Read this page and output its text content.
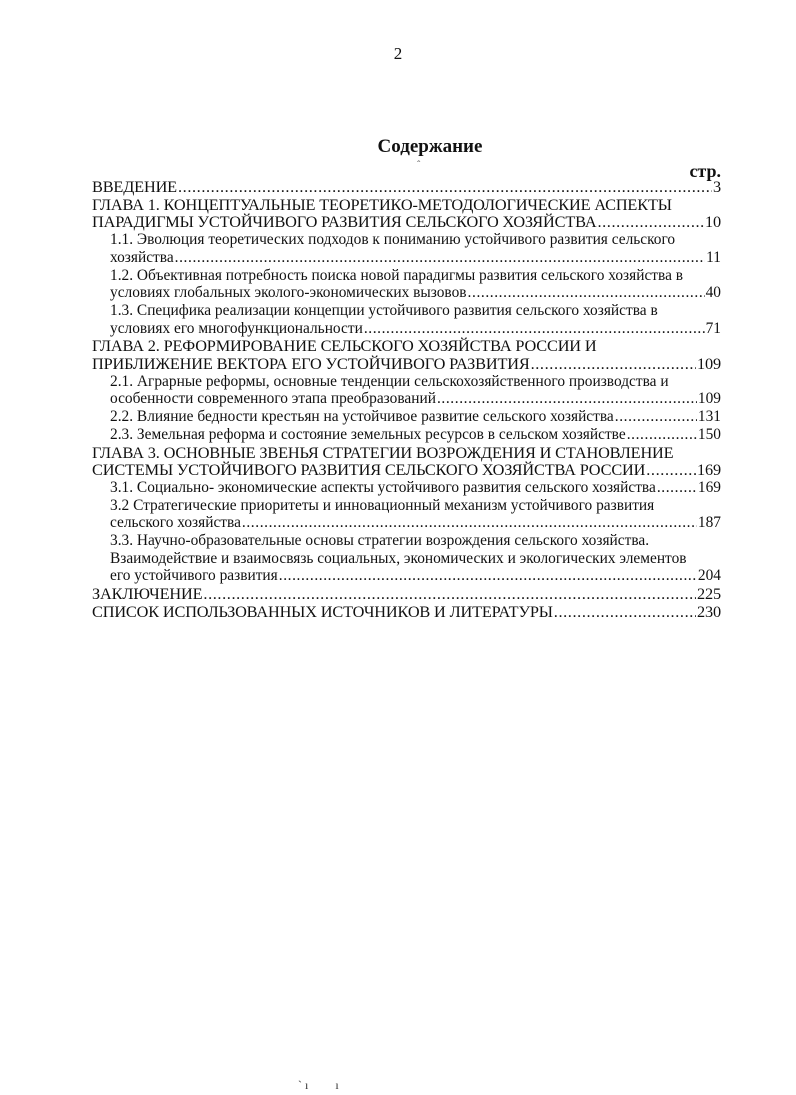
2
ˆ
Содержание
стр.
ВВЕДЕНИЕ .....	3
ГЛАВА 1. КОНЦЕПТУАЛЬНЫЕ ТЕОРЕТИКО-МЕТОДОЛОГИЧЕСКИЕ АСПЕКТЫ
ПАРАДИГМЫ УСТОЙЧИВОГО РАЗВИТИЯ СЕЛЬСКОГО ХОЗЯЙСТВА .....	10
1.1. Эволюция теоретических подходов к пониманию устойчивого развития сельского
хозяйства .....	11
1.2. Объективная потребность поиска новой парадигмы развития сельского хозяйства в
условиях глобальных эколого-экономических вызовов .....	40
1.3. Специфика реализации концепции устойчивого развития сельского хозяйства в
условиях его многофункциональности .....	71
ГЛАВА 2. РЕФОРМИРОВАНИЕ СЕЛЬСКОГО ХОЗЯЙСТВА РОССИИ И
ПРИБЛИЖЕНИЕ ВЕКТОРА ЕГО УСТОЙЧИВОГО РАЗВИТИЯ .....	109
2.1. Аграрные реформы, основные тенденции сельскохозяйственного производства и
особенности современного этапа преобразований .....	109
2.2. Влияние бедности крестьян на устойчивое развитие сельского хозяйства .....	131
2.3. Земельная реформа и состояние земельных ресурсов в сельском хозяйстве .....	150
ГЛАВА 3. ОСНОВНЫЕ ЗВЕНЬЯ СТРАТЕГИИ ВОЗРОЖДЕНИЯ И СТАНОВЛЕНИЕ
СИСТЕМЫ УСТОЙЧИВОГО РАЗВИТИЯ СЕЛЬСКОГО ХОЗЯЙСТВА РОССИИ .....	169
3.1. Социально- экономические аспекты устойчивого развития сельского хозяйства .....	169
3.2 Стратегические приоритеты и инновационный механизм устойчивого развития
сельского хозяйства .....	187
3.3. Научно-образовательные основы стратегии возрождения сельского хозяйства.
Взаимодействие и взаимосвязь социальных, экономических и экологических элементов
его устойчивого развития .....	204
ЗАКЛЮЧЕНИЕ .....	225
СПИСОК ИСПОЛЬЗОВАННЫХ ИСТОЧНИКОВ И ЛИТЕРАТУРЫ .....	230
ˋ ı         ı
